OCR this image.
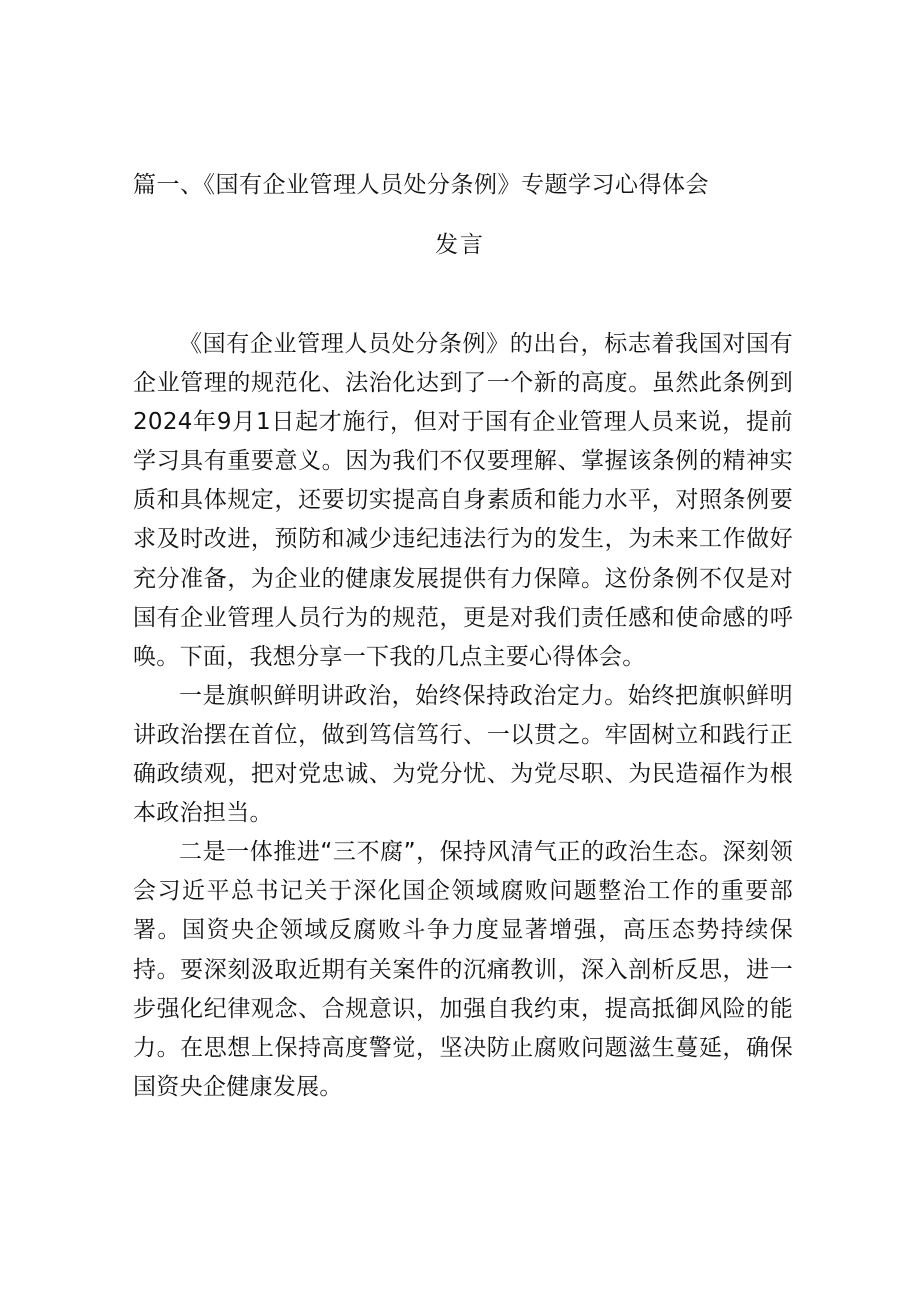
篇一、《国有企业管理人员处分条例》专题学习心得体会
发言

《国有企业管理人员处分条例》的出台，标志着我国对国有企业管理的规范化、法治化达到了一个新的高度。虽然此条例到2024年9月1日起才施行，但对于国有企业管理人员来说，提前学习具有重要意义。因为我们不仅要理解、掌握该条例的精神实质和具体规定，还要切实提高自身素质和能力水平，对照条例要求及时改进，预防和减少违纪违法行为的发生，为未来工作做好充分准备，为企业的健康发展提供有力保障。这份条例不仅是对国有企业管理人员行为的规范，更是对我们责任感和使命感的呼唤。下面，我想分享一下我的几点主要心得体会。

一是旗帜鲜明讲政治，始终保持政治定力。始终把旗帜鲜明讲政治摆在首位，做到笃信笃行、一以贯之。牢固树立和践行正确政绩观，把对党忠诚、为党分忧、为党尽职、为民造福作为根本政治担当。

二是一体推进“三不腐”，保持风清气正的政治生态。深刻领会习近平总书记关于深化国企领域腐败问题整治工作的重要部署。国资央企领域反腐败斗争力度显著增强，高压态势持续保持。要深刻汲取近期有关案件的沉痛教训，深入剖析反思，进一步强化纪律观念、合规意识，加强自我约束，提高抵御风险的能力。在思想上保持高度警觉，坚决防止腐败问题滋生蔓延，确保国资央企健康发展。
